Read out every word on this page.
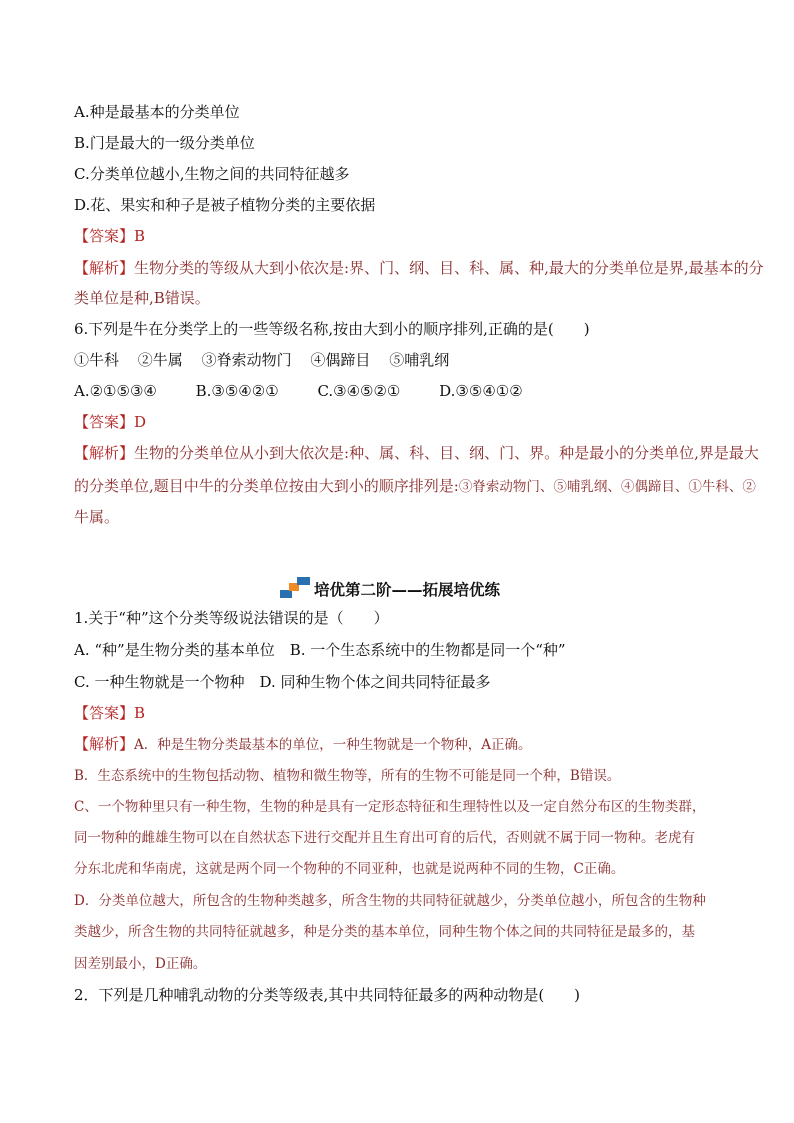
A.种是最基本的分类单位
B.门是最大的一级分类单位
C.分类单位越小,生物之间的共同特征越多
D.花、果实和种子是被子植物分类的主要依据
【答案】B
【解析】生物分类的等级从大到小依次是:界、门、纲、目、科、属、种,最大的分类单位是界,最基本的分
类单位是种,B错误。
6.下列是牛在分类学上的一些等级名称,按由大到小的顺序排列,正确的是(　　)
①牛科 ②牛属 ③脊索动物门 ④偶蹄目 ⑤哺乳纲
A.②①⑤③④	B.③⑤④②①	C.③④⑤②①	D.③⑤④①②
【答案】D
【解析】生物的分类单位从小到大依次是:种、属、科、目、纲、门、界。种是最小的分类单位,界是最大
的分类单位,题目中牛的分类单位按由大到小的顺序排列是:③脊索动物门、⑤哺乳纲、④偶蹄目、①牛科、②
牛属。
培优第二阶——拓展培优练
1.关于“种”这个分类等级说法错误的是（　　）
A. “种”是生物分类的基本单位　B. 一个生态系统中的生物都是同一个“种”
C. 一种生物就是一个物种　D. 同种生物个体之间共同特征最多
【答案】B
【解析】A．种是生物分类最基本的单位，一种生物就是一个物种，A正确。
B．生态系统中的生物包括动物、植物和微生物等，所有的生物不可能是同一个种，B错误。
C、一个物种里只有一种生物，生物的种是具有一定形态特征和生理特性以及一定自然分布区的生物类群，
同一物种的雌雄生物可以在自然状态下进行交配并且生育出可育的后代，否则就不属于同一物种。老虎有
分东北虎和华南虎，这就是两个同一个物种的不同亚种，也就是说两种不同的生物，C正确。
D．分类单位越大，所包含的生物种类越多，所含生物的共同特征就越少，分类单位越小，所包含的生物种
类越少，所含生物的共同特征就越多，种是分类的基本单位，同种生物个体之间的共同特征是最多的，基
因差别最小，D正确。
2．下列是几种哺乳动物的分类等级表,其中共同特征最多的两种动物是(　　)
